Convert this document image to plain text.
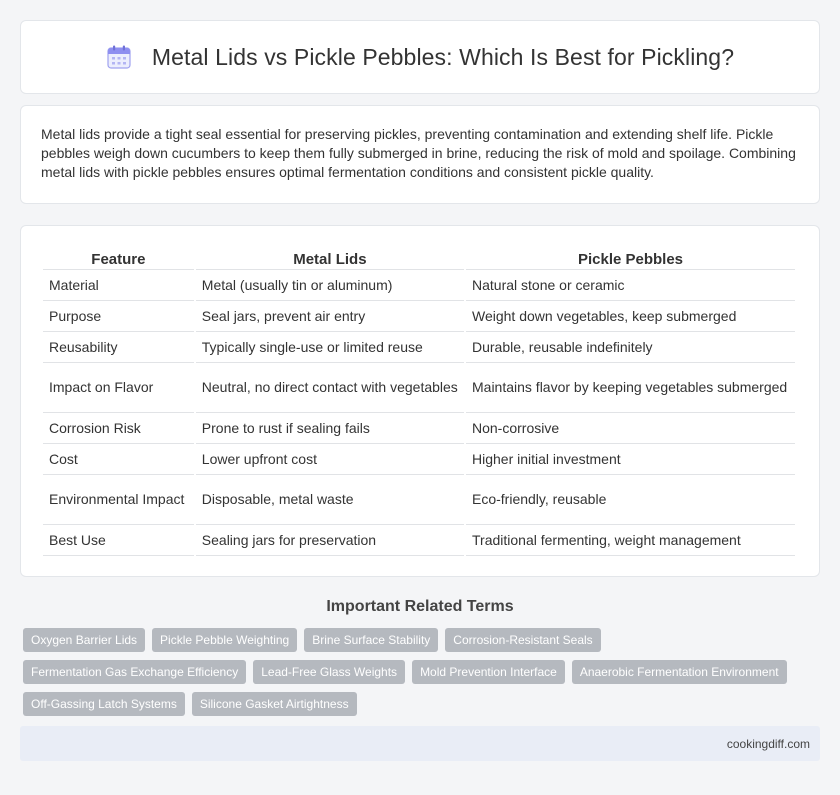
Metal Lids vs Pickle Pebbles: Which Is Best for Pickling?

Metal lids provide a tight seal essential for preserving pickles, preventing contamination and extending shelf life. Pickle pebbles weigh down cucumbers to keep them fully submerged in brine, reducing the risk of mold and spoilage. Combining metal lids with pickle pebbles ensures optimal fermentation conditions and consistent pickle quality.

Feature	Metal Lids	Pickle Pebbles
Material	Metal (usually tin or aluminum)	Natural stone or ceramic
Purpose	Seal jars, prevent air entry	Weight down vegetables, keep submerged
Reusability	Typically single-use or limited reuse	Durable, reusable indefinitely
Impact on Flavor	Neutral, no direct contact with vegetables	Maintains flavor by keeping vegetables submerged
Corrosion Risk	Prone to rust if sealing fails	Non-corrosive
Cost	Lower upfront cost	Higher initial investment
Environmental Impact	Disposable, metal waste	Eco-friendly, reusable
Best Use	Sealing jars for preservation	Traditional fermenting, weight management
Important Related Terms
Oxygen Barrier Lids	Pickle Pebble Weighting	Brine Surface Stability	Corrosion-Resistant Seals
Fermentation Gas Exchange Efficiency	Lead-Free Glass Weights	Mold Prevention Interface	Anaerobic Fermentation Environment
Off-Gassing Latch Systems	Silicone Gasket Airtightness
cookingdiff.com
